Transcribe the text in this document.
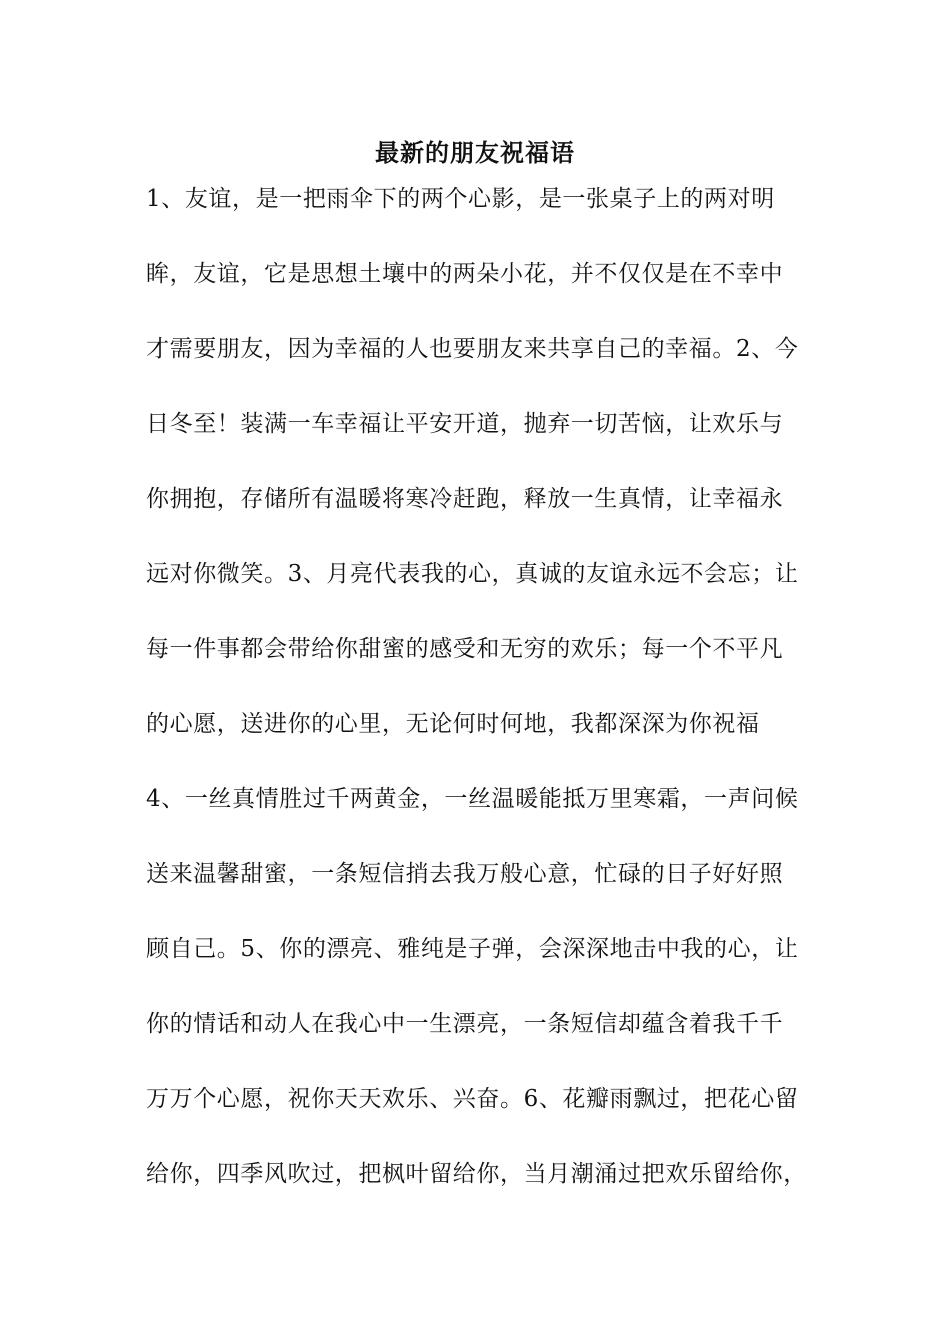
最新的朋友祝福语
1、友谊，是一把雨伞下的两个心影，是一张桌子上的两对明
眸，友谊，它是思想土壤中的两朵小花，并不仅仅是在不幸中
才需要朋友，因为幸福的人也要朋友来共享自己的幸福。2、今
日冬至！装满一车幸福让平安开道，抛弃一切苦恼，让欢乐与
你拥抱，存储所有温暖将寒冷赶跑，释放一生真情，让幸福永
远对你微笑。3、月亮代表我的心，真诚的友谊永远不会忘；让
每一件事都会带给你甜蜜的感受和无穷的欢乐；每一个不平凡
的心愿，送进你的心里，无论何时何地，我都深深为你祝福
4、一丝真情胜过千两黄金，一丝温暖能抵万里寒霜，一声问候
送来温馨甜蜜，一条短信捎去我万般心意，忙碌的日子好好照
顾自己。5、你的漂亮、雅纯是子弹，会深深地击中我的心，让
你的情话和动人在我心中一生漂亮，一条短信却蕴含着我千千
万万个心愿，祝你天天欢乐、兴奋。6、花瓣雨飘过，把花心留
给你，四季风吹过，把枫叶留给你，当月潮涌过把欢乐留给你，
